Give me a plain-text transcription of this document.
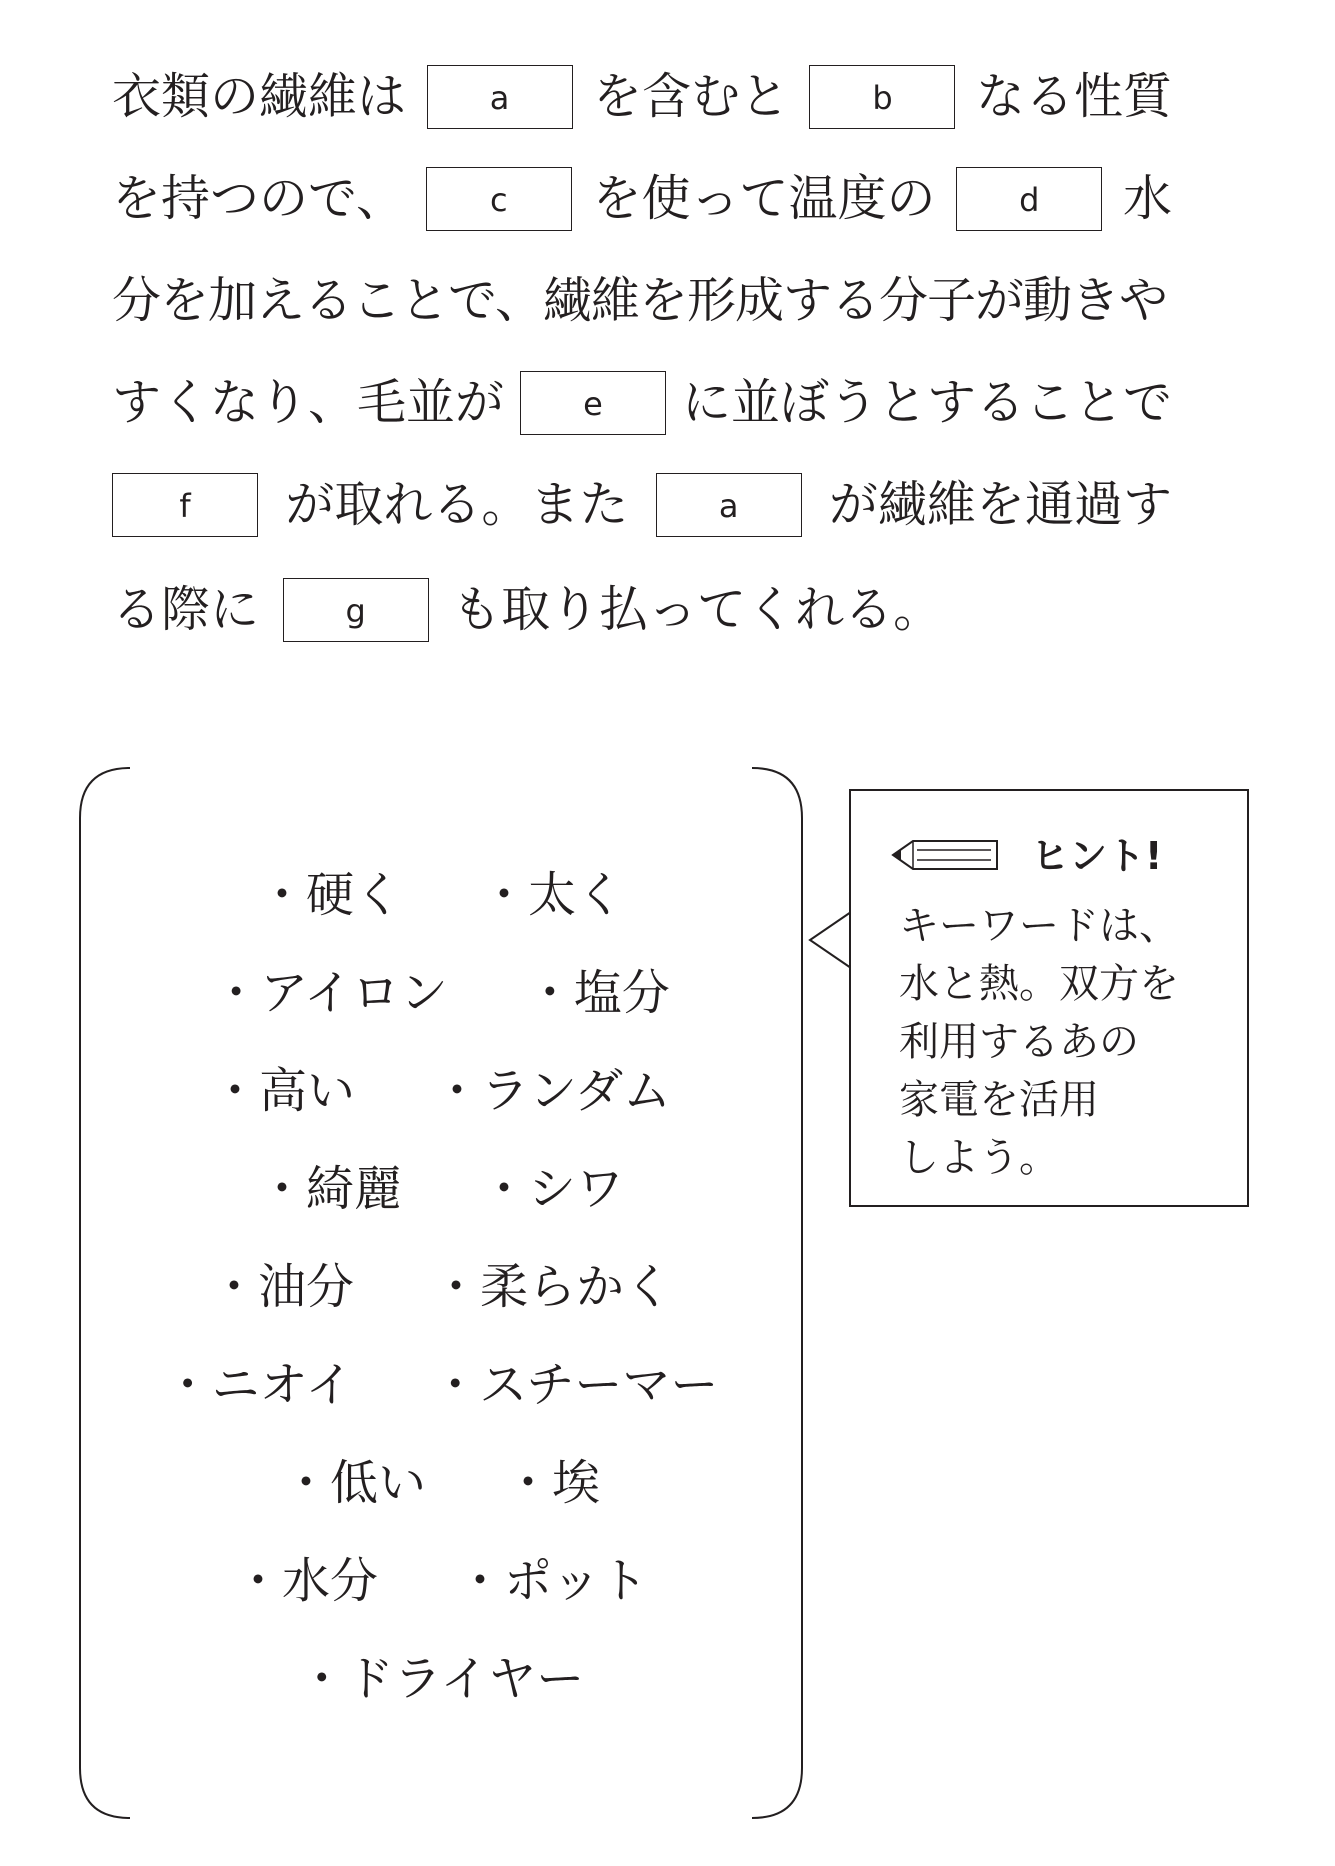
衣類の繊維は	a	を含むと	b	なる性質
を持つので、	c	を使って温度の	d	水
分を加えることで、繊維を形成する分子が動きや
すくなり、毛並が	e	に並ぼうとすることで
f	が取れる。また	a	が繊維を通過す
る際に	g も取り払ってくれる。
・硬く ・太く
・アイロン ・塩分
・高い ・ランダム
・綺麗 ・シワ
・油分 ・柔らかく
・ニオイ ・スチーマー
・低い ・埃
・水分 ・ポット
・ドライヤー
ヒント!
キーワードは、
水と熱。双方を
利用するあの
家電を活用
しよう。
